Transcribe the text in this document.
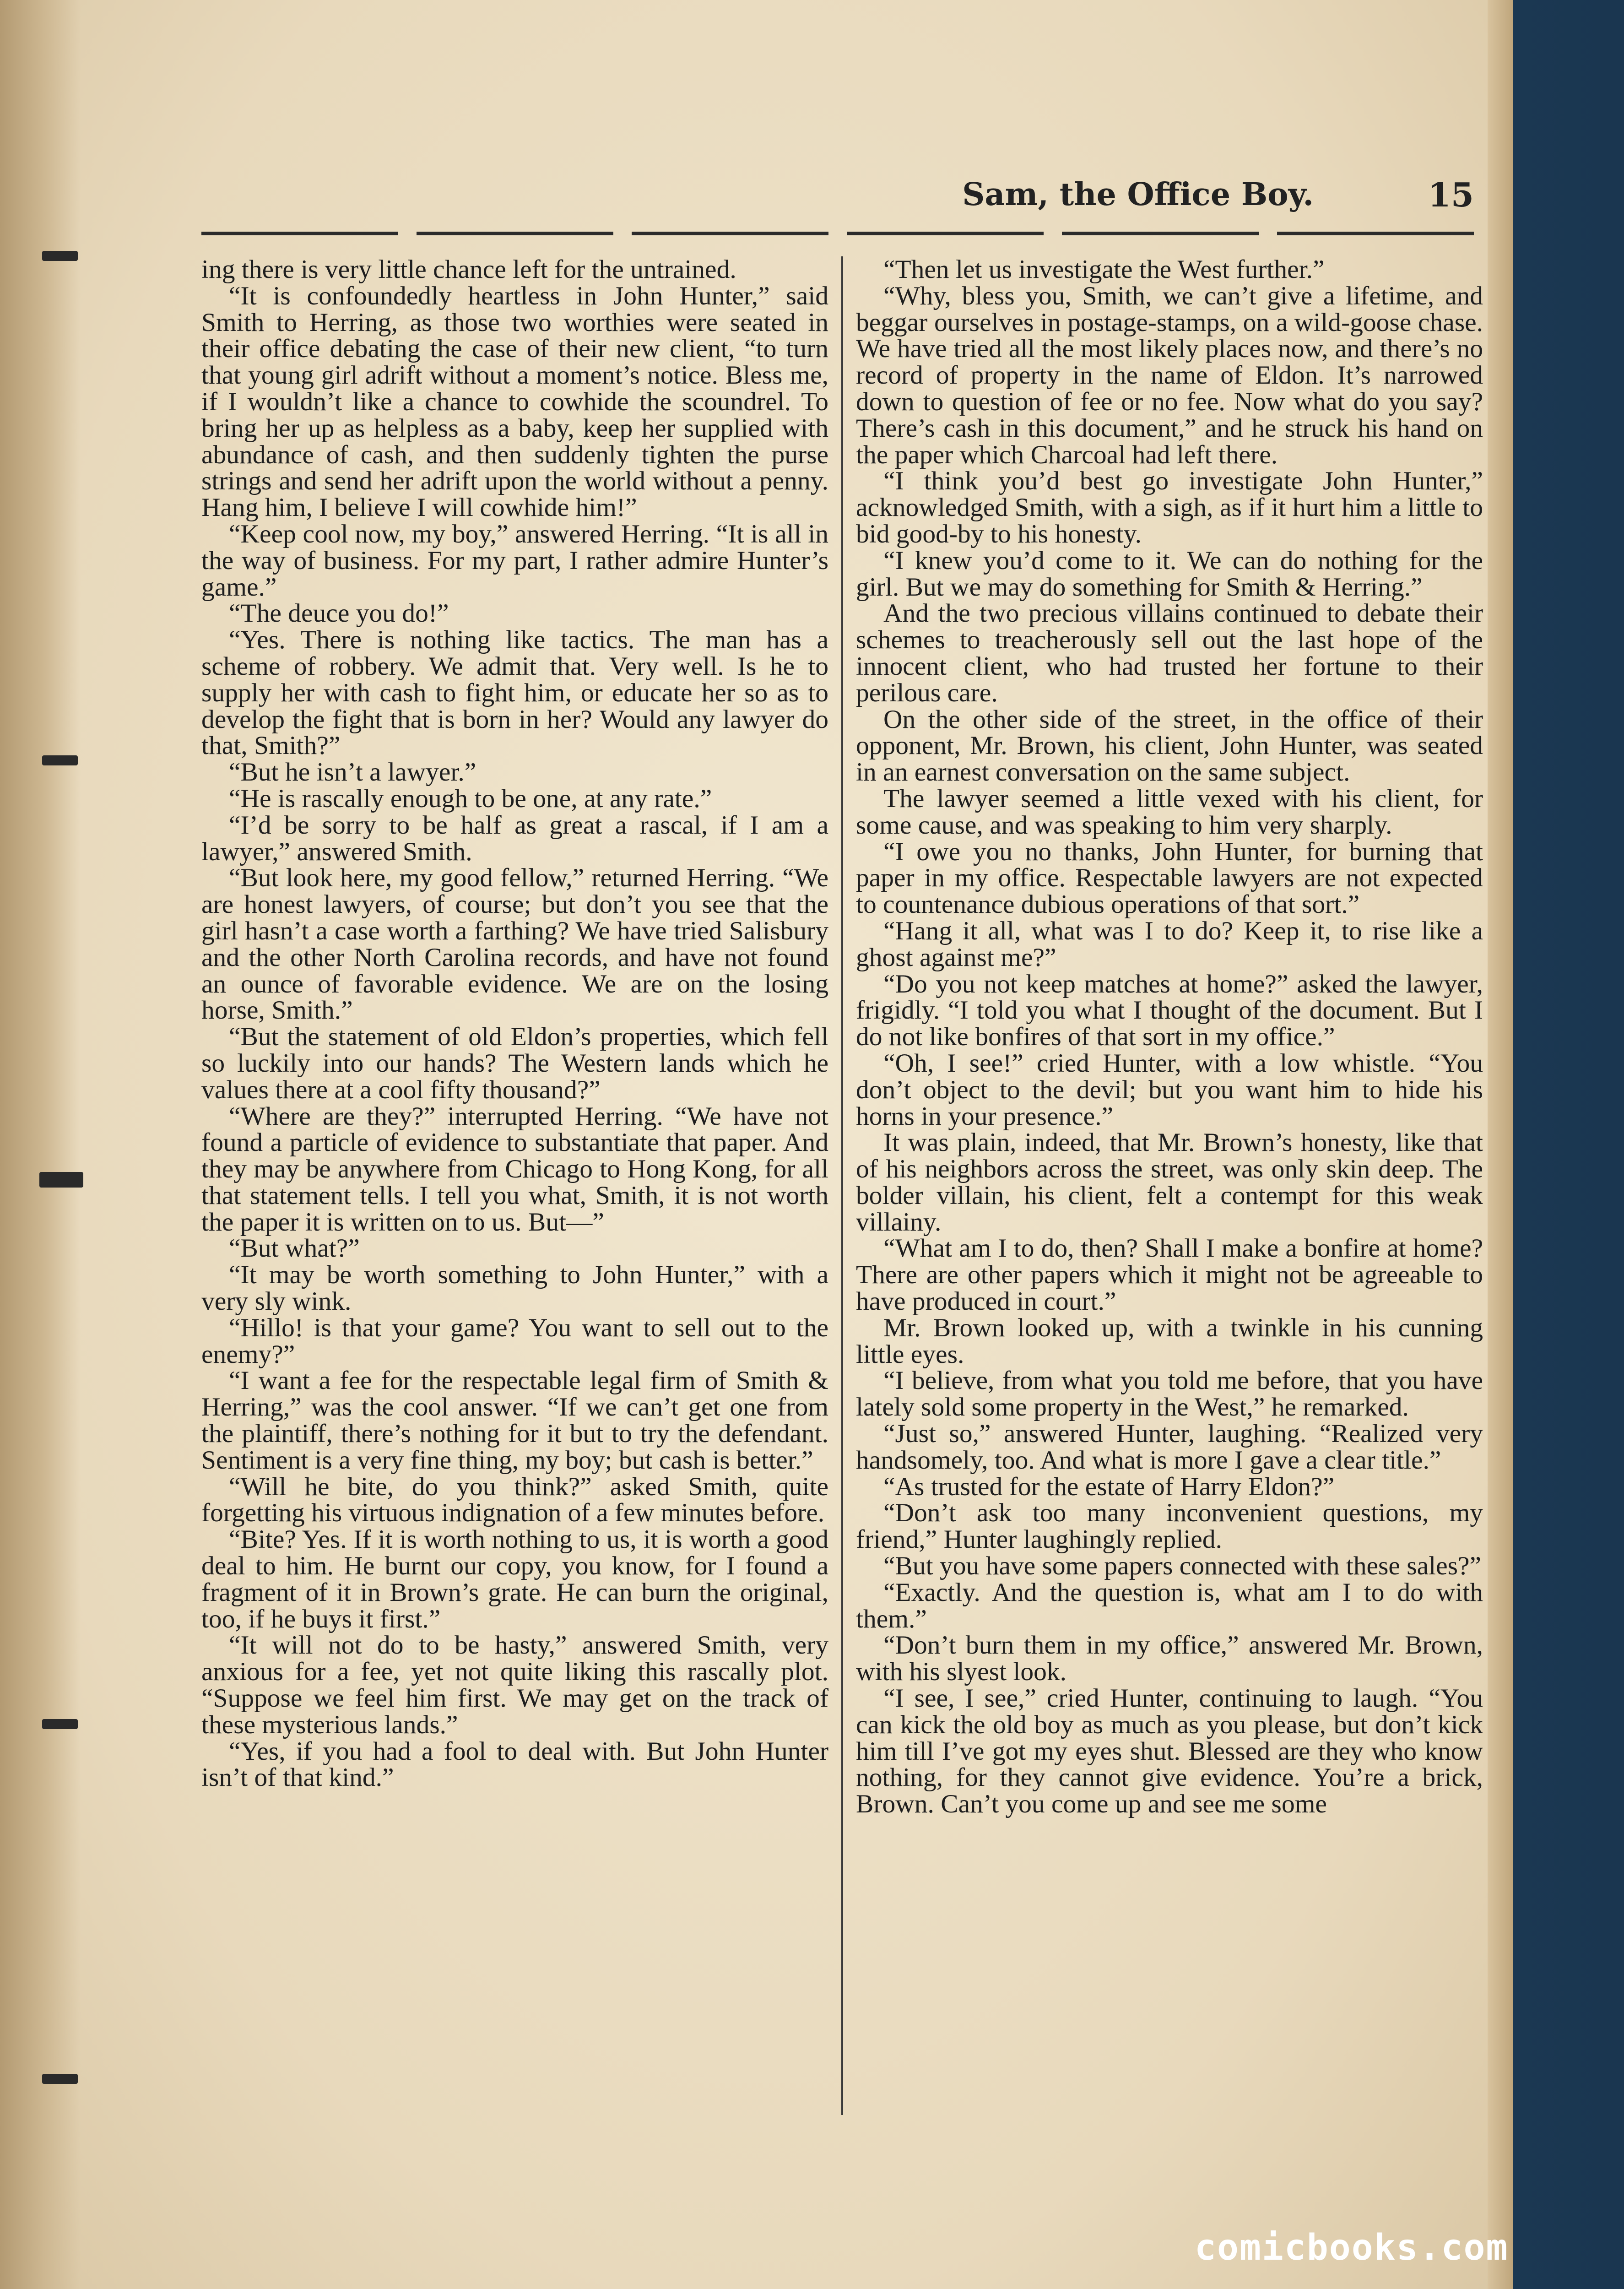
Sam, the Office Boy.	15

ing there is very little chance left for the untrained.

“It is confoundedly heartless in John Hunter,” said Smith to Herring, as those two worthies were seated in their office debating the case of their new client, “to turn that young girl adrift without a moment’s notice. Bless me, if I wouldn’t like a chance to cowhide the scoundrel. To bring her up as helpless as a baby, keep her supplied with abundance of cash, and then suddenly tighten the purse strings and send her adrift upon the world without a penny. Hang him, I believe I will cowhide him!”

“Keep cool now, my boy,” answered Herring. “It is all in the way of business. For my part, I rather admire Hunter’s game.”

“The deuce you do!”

“Yes. There is nothing like tactics. The man has a scheme of robbery. We admit that. Very well. Is he to supply her with cash to fight him, or educate her so as to develop the fight that is born in her? Would any lawyer do that, Smith?”

“But he isn’t a lawyer.”

“He is rascally enough to be one, at any rate.”

“I’d be sorry to be half as great a rascal, if I am a lawyer,” answered Smith.

“But look here, my good fellow,” returned Herring. “We are honest lawyers, of course; but don’t you see that the girl hasn’t a case worth a farthing? We have tried Salisbury and the other North Carolina records, and have not found an ounce of favorable evidence. We are on the losing horse, Smith.”

“But the statement of old Eldon’s properties, which fell so luckily into our hands? The Western lands which he values there at a cool fifty thousand?”

“Where are they?” interrupted Herring. “We have not found a particle of evidence to substantiate that paper. And they may be anywhere from Chicago to Hong Kong, for all that statement tells. I tell you what, Smith, it is not worth the paper it is written on to us. But—”

“But what?”

“It may be worth something to John Hunter,” with a very sly wink.

“Hillo! is that your game? You want to sell out to the enemy?”

“I want a fee for the respectable legal firm of Smith & Herring,” was the cool answer. “If we can’t get one from the plaintiff, there’s nothing for it but to try the defendant. Sentiment is a very fine thing, my boy; but cash is better.”

“Will he bite, do you think?” asked Smith, quite forgetting his virtuous indignation of a few minutes before.

“Bite? Yes. If it is worth nothing to us, it is worth a good deal to him. He burnt our copy, you know, for I found a fragment of it in Brown’s grate. He can burn the original, too, if he buys it first.”

“It will not do to be hasty,” answered Smith, very anxious for a fee, yet not quite liking this rascally plot. “Suppose we feel him first. We may get on the track of these mysterious lands.”

“Yes, if you had a fool to deal with. But John Hunter isn’t of that kind.”

“Then let us investigate the West further.”

“Why, bless you, Smith, we can’t give a lifetime, and beggar ourselves in postage-stamps, on a wild-goose chase. We have tried all the most likely places now, and there’s no record of property in the name of Eldon. It’s narrowed down to question of fee or no fee. Now what do you say? There’s cash in this document,” and he struck his hand on the paper which Charcoal had left there.

“I think you’d best go investigate John Hunter,” acknowledged Smith, with a sigh, as if it hurt him a little to bid good-by to his honesty.

“I knew you’d come to it. We can do nothing for the girl. But we may do something for Smith & Herring.”

And the two precious villains continued to debate their schemes to treacherously sell out the last hope of the innocent client, who had trusted her fortune to their perilous care.

On the other side of the street, in the office of their opponent, Mr. Brown, his client, John Hunter, was seated in an earnest conversation on the same subject.

The lawyer seemed a little vexed with his client, for some cause, and was speaking to him very sharply.

“I owe you no thanks, John Hunter, for burning that paper in my office. Respectable lawyers are not expected to countenance dubious operations of that sort.”

“Hang it all, what was I to do? Keep it, to rise like a ghost against me?”

“Do you not keep matches at home?” asked the lawyer, frigidly. “I told you what I thought of the document. But I do not like bonfires of that sort in my office.”

“Oh, I see!” cried Hunter, with a low whistle. “You don’t object to the devil; but you want him to hide his horns in your presence.”

It was plain, indeed, that Mr. Brown’s honesty, like that of his neighbors across the street, was only skin deep. The bolder villain, his client, felt a contempt for this weak villainy.

“What am I to do, then? Shall I make a bonfire at home? There are other papers which it might not be agreeable to have produced in court.”

Mr. Brown looked up, with a twinkle in his cunning little eyes.

“I believe, from what you told me before, that you have lately sold some property in the West,” he remarked.

“Just so,” answered Hunter, laughing. “Realized very handsomely, too. And what is more I gave a clear title.”

“As trusted for the estate of Harry Eldon?”

“Don’t ask too many inconvenient questions, my friend,” Hunter laughingly replied.

“But you have some papers connected with these sales?”

“Exactly. And the question is, what am I to do with them.”

“Don’t burn them in my office,” answered Mr. Brown, with his slyest look.

“I see, I see,” cried Hunter, continuing to laugh. “You can kick the old boy as much as you please, but don’t kick him till I’ve got my eyes shut. Blessed are they who know nothing, for they cannot give evidence. You’re a brick, Brown. Can’t you come up and see me some

comicbooks.com
